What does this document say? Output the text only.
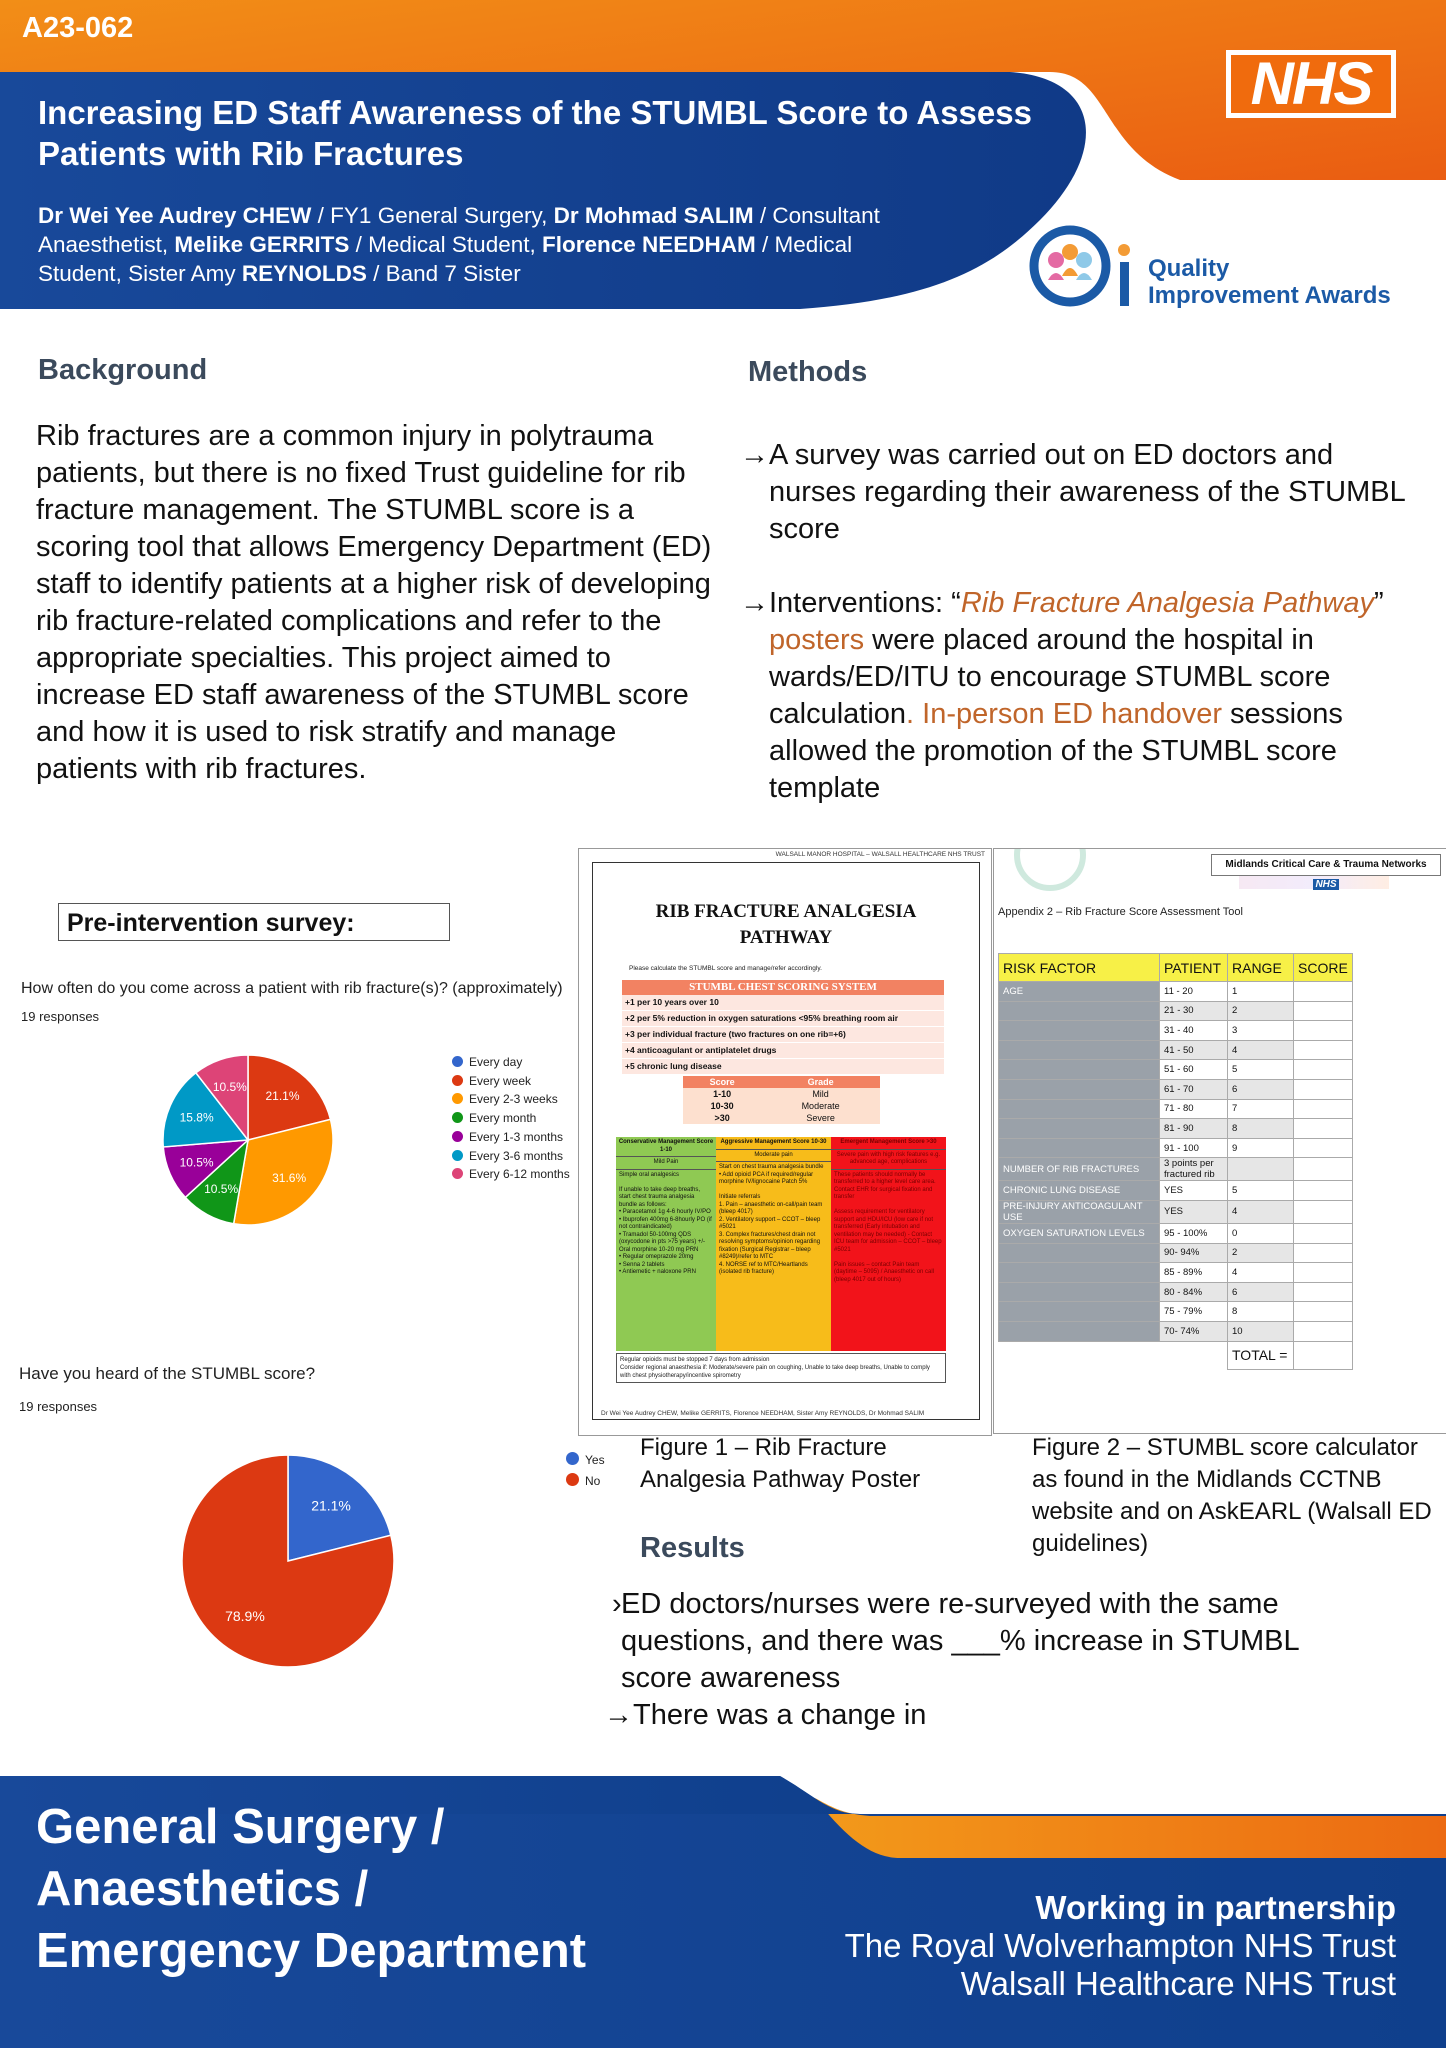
A23-062
Increasing ED Staff Awareness of the STUMBL Score to Assess Patients with Rib Fractures
Dr Wei Yee Audrey CHEW / FY1 General Surgery, Dr Mohmad SALIM / Consultant Anaesthetist, Melike GERRITS / Medical Student, Florence NEEDHAM / Medical Student, Sister Amy REYNOLDS / Band 7 Sister
NHS
Quality
Improvement Awards
Background
Rib fractures are a common injury in polytrauma patients, but there is no fixed Trust guideline for rib fracture management. The STUMBL score is a scoring tool that allows Emergency Department (ED) staff to identify patients at a higher risk of developing rib fracture-related complications and refer to the appropriate specialties. This project aimed to increase ED staff awareness of the STUMBL score and how it is used to risk stratify and manage patients with rib fractures.
Methods
→ A survey was carried out on ED doctors and nurses regarding their awareness of the STUMBL score
→ Interventions: “Rib Fracture Analgesia Pathway” posters were placed around the hospital in wards/ED/ITU to encourage STUMBL score calculation. In-person ED handover sessions allowed the promotion of the STUMBL score template
Pre-intervention survey:
How often do you come across a patient with rib fracture(s)? (approximately)
19 responses
21.1%
31.6%
10.5%
10.5%
15.8%
10.5%
Every day
Every week
Every 2-3 weeks
Every month
Every 1-3 months
Every 3-6 months
Every 6-12 months
Have you heard of the STUMBL score?
19 responses
21.1%
78.9%
Yes
No
WALSALL MANOR HOSPITAL – WALSALL HEALTHCARE NHS TRUST
RIB FRACTURE ANALGESIA
PATHWAY
Please calculate the STUMBL score and manage/refer accordingly.
STUMBL CHEST SCORING SYSTEM
+1 per 10 years over 10
+2 per 5% reduction in oxygen saturations <95% breathing room air
+3 per individual fracture (two fractures on one rib=+6)
+4 anticoagulant or antiplatelet drugs
+5 chronic lung disease
Score	Grade
1-10	Mild
10-30	Moderate
>30	Severe
Conservative Management Score 1-10
Mild Pain
Simple oral analgesics

If unable to take deep breaths, start chest trauma analgesia bundle as follows:
• Paracetamol 1g 4-6 hourly IV/PO
• Ibuprofen 400mg 6-8hourly PO (if not contraindicated)
• Tramadol 50-100mg QDS (oxycodone in pts >75 years) +/- Oral morphine 10-20 mg PRN
• Regular omeprazole 20mg
• Senna 2 tablets
• Antiemetic + naloxone PRN
Aggressive Management Score 10-30
Moderate pain
Start on chest trauma analgesia bundle
• Add opioid PCA if required/regular morphine IV/lignocaine Patch 5%

Initiate referrals
1. Pain – anaesthetic on-call/pain team (bleep 4017)
2. Ventilatory support – CCOT – bleep #5021
3. Complex fractures/chest drain not resolving symptoms/opinion regarding fixation (Surgical Registrar – bleep #8249)/refer to MTC
4. NORSE ref to MTC/Heartlands (isolated rib fracture)
Emergent Management Score >30
Severe pain with high risk features e.g. advanced age, complications
These patients should normally be transferred to a higher level care area. Contact EHR for surgical fixation and transfer

Assess requirement for ventilatory support and HDU/ICU (low care if not transferred (Early intubation and ventilation may be needed) - Contact ICU team for admission – CCOT – bleep #5021

Pain issues – contact Pain team (daytime – 5095) / Anaesthetic on call (bleep 4017 out of hours)
Regular opioids must be stopped 7 days from admission
Consider regional anaesthesia if: Moderate/severe pain on coughing, Unable to take deep breaths, Unable to comply with chest physiotherapy/incentive spirometry
Dr Wei Yee Audrey CHEW, Melike GERRITS, Florence NEEDHAM, Sister Amy REYNOLDS, Dr Mohmad SALIM
Midlands Critical Care & Trauma Networks NHS
Appendix 2 – Rib Fracture Score Assessment Tool
RISK FACTOR	PATIENT	RANGE	SCORE
AGE	11 - 20	1	
	21 - 30	2	
	31 - 40	3	
	41 - 50	4	
	51 - 60	5	
	61 - 70	6	
	71 - 80	7	
	81 - 90	8	
	91 - 100	9	
NUMBER OF RIB FRACTURES	3 points per fractured rib		
CHRONIC LUNG DISEASE	YES	5	
PRE-INJURY ANTICOAGULANT USE	YES	4	
OXYGEN SATURATION LEVELS	95 - 100%	0	
	90- 94%	2	
	85 - 89%	4	
	80 - 84%	6	
	75 - 79%	8	
	70- 74%	10	
		TOTAL =	
Figure 1 – Rib Fracture Analgesia Pathway Poster
Figure 2 – STUMBL score calculator as found in the Midlands CCTNB website and on AskEARL (Walsall ED guidelines)
Results
› ED doctors/nurses were re-surveyed with the same questions, and there was ___% increase in STUMBL score awareness
→ There was a change in
General Surgery /
Anaesthetics /
Emergency Department
Working in partnership
The Royal Wolverhampton NHS Trust
Walsall Healthcare NHS Trust
